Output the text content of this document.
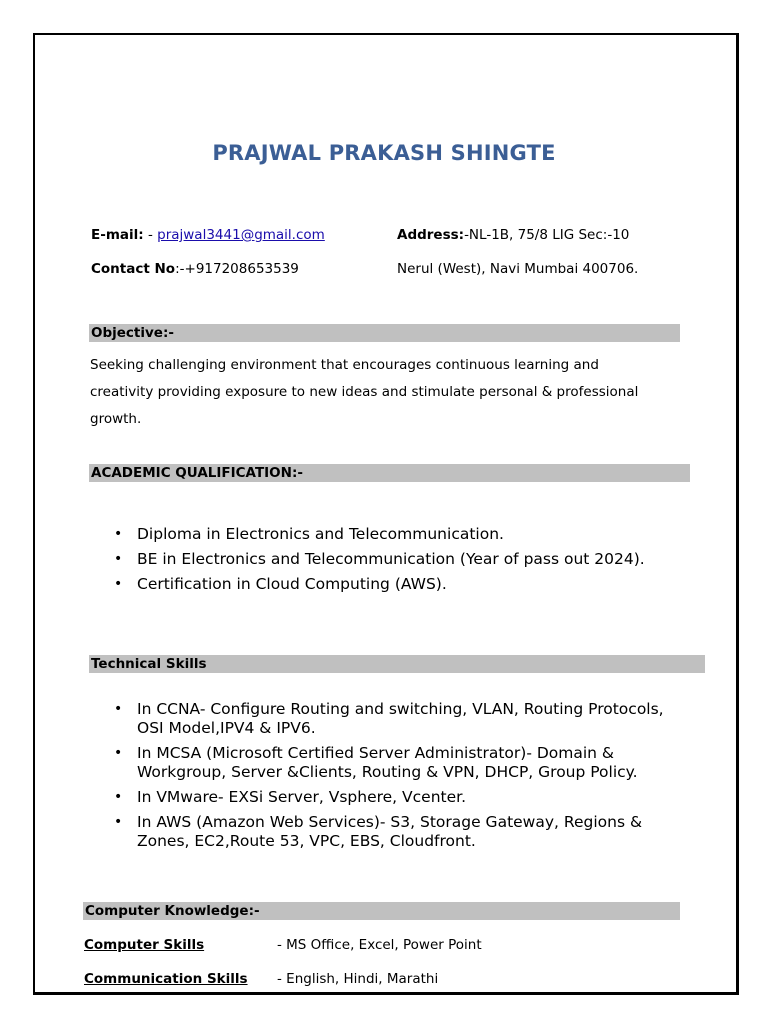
PRAJWAL PRAKASH SHINGTE
E-mail: - prajwal3441@gmail.com	Address:-NL-1B, 75/8 LIG Sec:-10
Contact No:-+917208653539	Nerul (West), Navi Mumbai 400706.
Objective:-
Seeking challenging environment that encourages continuous learning and
creativity providing exposure to new ideas and stimulate personal & professional
growth.
ACADEMIC QUALIFICATION:-
• Diploma in Electronics and Telecommunication.
• BE in Electronics and Telecommunication (Year of pass out 2024).
• Certification in Cloud Computing (AWS).
Technical Skills
• In CCNA- Configure Routing and switching, VLAN, Routing Protocols,
OSI Model,IPV4 & IPV6.
• In MCSA (Microsoft Certified Server Administrator)- Domain &
Workgroup, Server &Clients, Routing & VPN, DHCP, Group Policy.
• In VMware- EXSi Server, Vsphere, Vcenter.
• In AWS (Amazon Web Services)- S3, Storage Gateway, Regions &
Zones, EC2,Route 53, VPC, EBS, Cloudfront.
Computer Knowledge:-
Computer Skills	- MS Office, Excel, Power Point
Communication Skills - English, Hindi, Marathi
